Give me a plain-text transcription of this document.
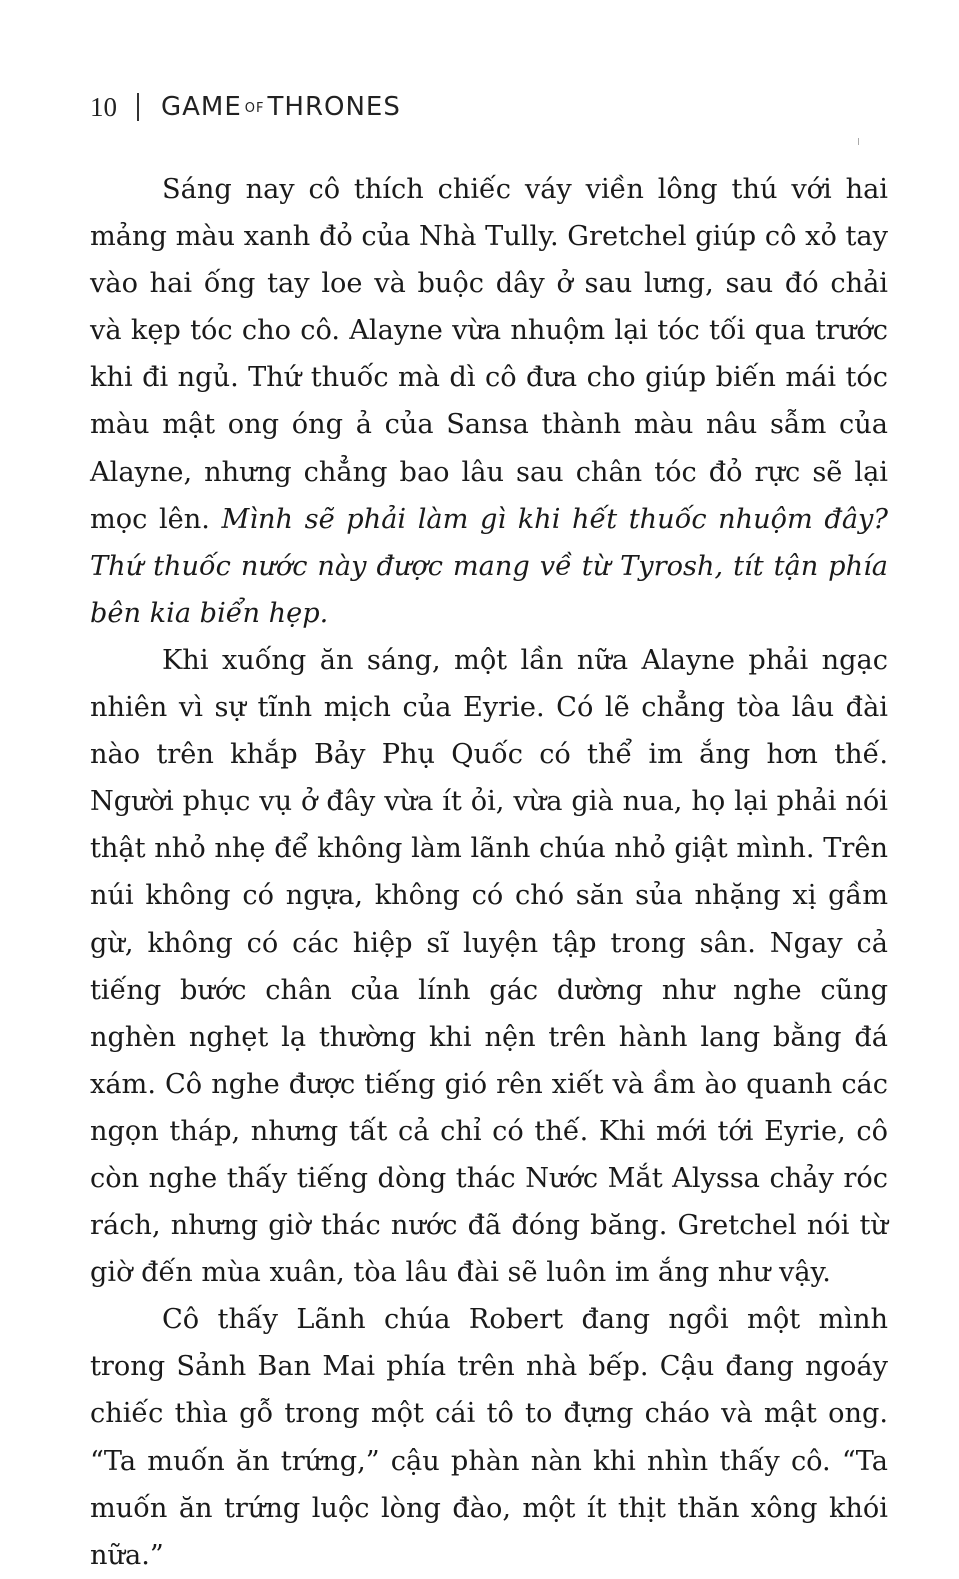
10 GAME OF THRONES

Sáng nay cô thích chiếc váy viền lông thú với hai mảng màu xanh đỏ của Nhà Tully. Gretchel giúp cô xỏ tay vào hai ống tay loe và buộc dây ở sau lưng, sau đó chải và kẹp tóc cho cô. Alayne vừa nhuộm lại tóc tối qua trước khi đi ngủ. Thứ thuốc mà dì cô đưa cho giúp biến mái tóc màu mật ong óng ả của Sansa thành màu nâu sẫm của Alayne, nhưng chẳng bao lâu sau chân tóc đỏ rực sẽ lại mọc lên. Mình sẽ phải làm gì khi hết thuốc nhuộm đây? Thứ thuốc nước này được mang về từ Tyrosh, tít tận phía bên kia biển hẹp.

Khi xuống ăn sáng, một lần nữa Alayne phải ngạc nhiên vì sự tĩnh mịch của Eyrie. Có lẽ chẳng tòa lâu đài nào trên khắp Bảy Phụ Quốc có thể im ắng hơn thế. Người phục vụ ở đây vừa ít ỏi, vừa già nua, họ lại phải nói thật nhỏ nhẹ để không làm lãnh chúa nhỏ giật mình. Trên núi không có ngựa, không có chó săn sủa nhặng xị gầm gừ, không có các hiệp sĩ luyện tập trong sân. Ngay cả tiếng bước chân của lính gác dường như nghe cũng nghèn nghẹt lạ thường khi nện trên hành lang bằng đá xám. Cô nghe được tiếng gió rên xiết và ầm ào quanh các ngọn tháp, nhưng tất cả chỉ có thế. Khi mới tới Eyrie, cô còn nghe thấy tiếng dòng thác Nước Mắt Alyssa chảy róc rách, nhưng giờ thác nước đã đóng băng. Gretchel nói từ giờ đến mùa xuân, tòa lâu đài sẽ luôn im ắng như vậy.

Cô thấy Lãnh chúa Robert đang ngồi một mình trong Sảnh Ban Mai phía trên nhà bếp. Cậu đang ngoáy chiếc thìa gỗ trong một cái tô to đựng cháo và mật ong. “Ta muốn ăn trứng,” cậu phàn nàn khi nhìn thấy cô. “Ta muốn ăn trứng luộc lòng đào, một ít thịt thăn xông khói nữa.”
